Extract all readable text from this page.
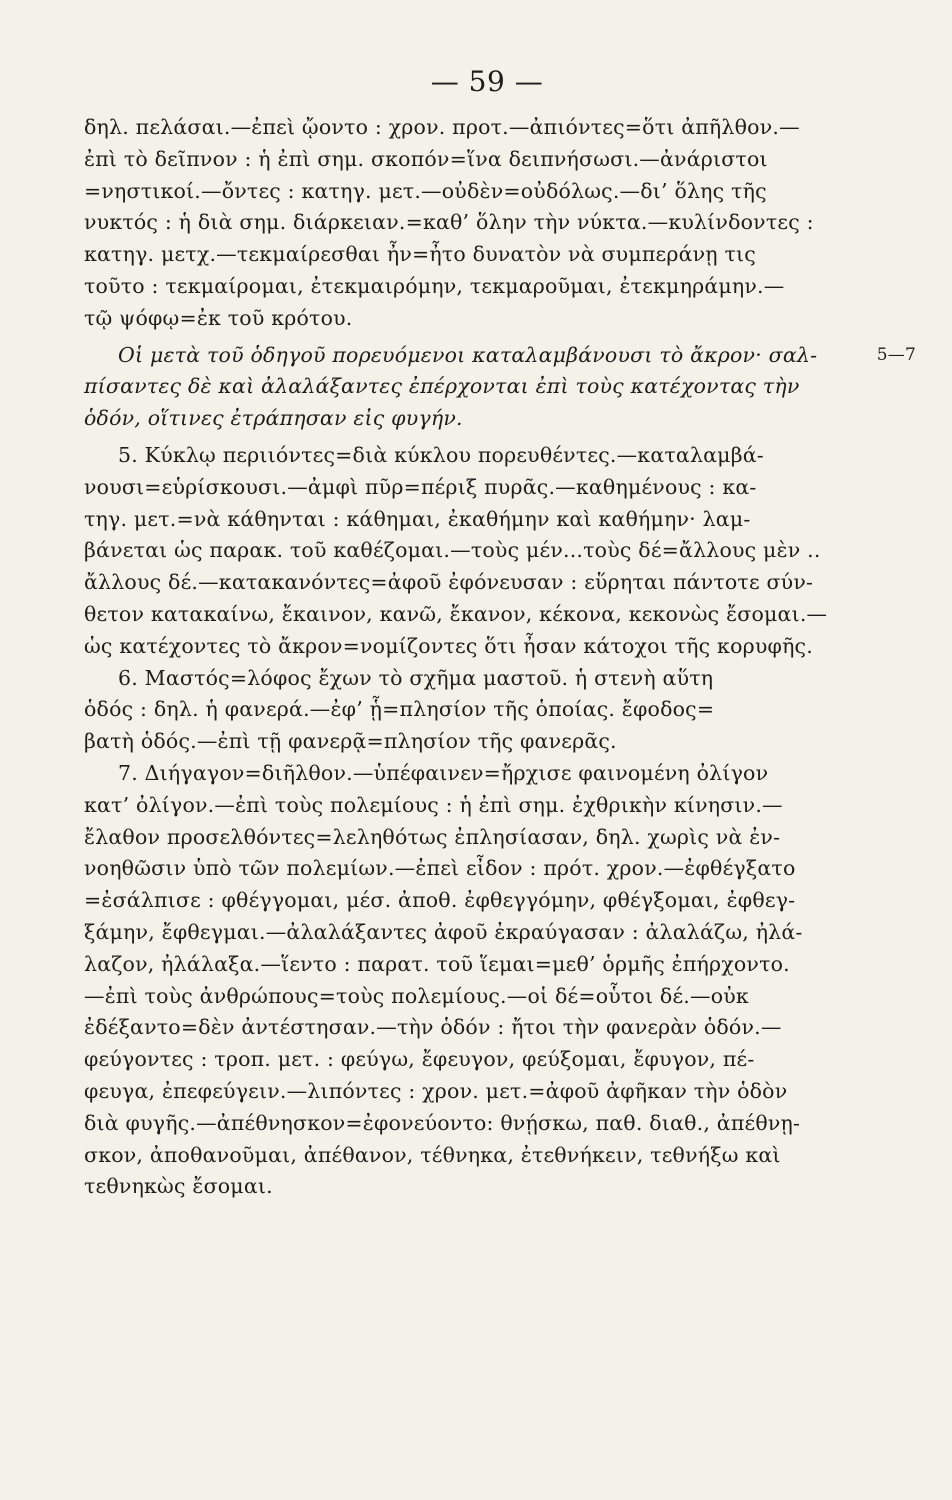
— 59 —
δηλ. πελάσαι.—ἐπεὶ ᾤοντο : χρον. προτ.—ἀπιόντες=ὅτι ἀπῆλθον.—
ἐπὶ τὸ δεῖπνον : ἡ ἐπὶ σημ. σκοπόν=ἵνα δειπνήσωσι.—ἀνάριστοι
=νηστικοί.—ὄντες : κατηγ. μετ.—οὐδὲν=οὐδόλως.—δι’ ὅλης τῆς
νυκτός : ἡ διὰ σημ. διάρκειαν.=καθ’ ὅλην τὴν νύκτα.—κυλίνδοντες :
κατηγ. μετχ.—τεκμαίρεσθαι ἦν=ἦτο δυνατὸν νὰ συμπεράνῃ τις
τοῦτο : τεκμαίρομαι, ἐτεκμαιρόμην, τεκμαροῦμαι, ἐτεκμηράμην.—
τῷ ψόφῳ=ἐκ τοῦ κρότου.
Οἱ μετὰ τοῦ ὁδηγοῦ πορευόμενοι καταλαμβάνουσι τὸ ἄκρον· σαλ-	5—7
πίσαντες δὲ καὶ ἀλαλάξαντες ἐπέρχονται ἐπὶ τοὺς κατέχοντας τὴν
ὁδόν, οἵτινες ἐτράπησαν εἰς φυγήν.
5. Κύκλῳ περιιόντες=διὰ κύκλου πορευθέντες.—καταλαμβά-
νουσι=εὑρίσκουσι.—ἀμφὶ πῦρ=πέριξ πυρᾶς.—καθημένους : κα-
τηγ. μετ.=νὰ κάθηνται : κάθημαι, ἐκαθήμην καὶ καθήμην· λαμ-
βάνεται ὡς παρακ. τοῦ καθέζομαι.—τοὺς μέν...τοὺς δέ=ἄλλους μὲν ..
ἄλλους δέ.—κατακανόντες=ἀφοῦ ἐφόνευσαν : εὕρηται πάντοτε σύν-
θετον κατακαίνω, ἔκαινον, κανῶ, ἔκανον, κέκονα, κεκονὼς ἔσομαι.—
ὡς κατέχοντες τὸ ἄκρον=νομίζοντες ὅτι ἦσαν κάτοχοι τῆς κορυφῆς.
6. Μαστός=λόφος ἔχων τὸ σχῆμα μαστοῦ. ἡ στενὴ αὕτη
ὁδός : δηλ. ἡ φανερά.—ἐφ’ ᾗ=πλησίον τῆς ὁποίας. ἔφοδος=
βατὴ ὁδός.—ἐπὶ τῇ φανερᾷ=πλησίον τῆς φανερᾶς.
7. Διήγαγον=διῆλθον.—ὑπέφαινεν=ἤρχισε φαινομένη ὀλίγον
κατ’ ὀλίγον.—ἐπὶ τοὺς πολεμίους : ἡ ἐπὶ σημ. ἐχθρικὴν κίνησιν.—
ἔλαθον προσελθόντες=λεληθότως ἐπλησίασαν, δηλ. χωρὶς νὰ ἐν-
νοηθῶσιν ὑπὸ τῶν πολεμίων.—ἐπεὶ εἶδον : πρότ. χρον.—ἐφθέγξατο
=ἐσάλπισε : φθέγγομαι, μέσ. ἀποθ. ἐφθεγγόμην, φθέγξομαι, ἐφθεγ-
ξάμην, ἔφθεγμαι.—ἀλαλάξαντες ἀφοῦ ἐκραύγασαν : ἀλαλάζω, ἠλά-
λαζον, ἠλάλαξα.—ἵεντο : παρατ. τοῦ ἵεμαι=μεθ’ ὁρμῆς ἐπήρχοντο.
—ἐπὶ τοὺς ἀνθρώπους=τοὺς πολεμίους.—οἱ δέ=οὗτοι δέ.—οὐκ
ἐδέξαντο=δὲν ἀντέστησαν.—τὴν ὁδόν : ἤτοι τὴν φανερὰν ὁδόν.—
φεύγοντες : τροπ. μετ. : φεύγω, ἔφευγον, φεύξομαι, ἔφυγον, πέ-
φευγα, ἐπεφεύγειν.—λιπόντες : χρον. μετ.=ἀφοῦ ἀφῆκαν τὴν ὁδὸν
διὰ φυγῆς.—ἀπέθνησκον=ἐφονεύοντο: θνῄσκω, παθ. διαθ., ἀπέθνῃ-
σκον, ἀποθανοῦμαι, ἀπέθανον, τέθνηκα, ἐτεθνήκειν, τεθνήξω καὶ
τεθνηκὼς ἔσομαι.
